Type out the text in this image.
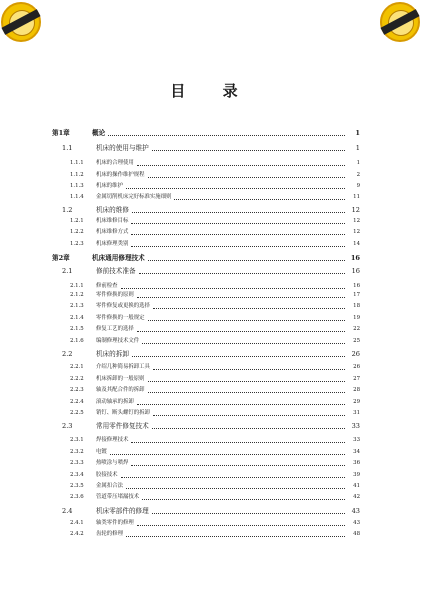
目 录
第1章	概论	1
1.1	机床的使用与维护	1
1.1.1	机床的合理使用	1
1.1.2	机床的操作维护规程	2
1.1.3	机床的维护	9
1.1.4	金属切削机床完好标准实施细则	11
1.2	机床的维修	12
1.2.1	机床维修目标	12
1.2.2	机床维修方式	12
1.2.3	机床修理类别	14
第2章	机床通用修理技术	16
2.1	修前技术准备	16
2.1.1	修前检查	16
2.1.2	零件修换的原则	17
2.1.3	零件修复或更换的选择	18
2.1.4	零件修换的一般规定	19
2.1.5	修复工艺的选择	22
2.1.6	编制修理技术文件	25
2.2	机床的拆卸	26
2.2.1	介绍几种简易拆卸工具	26
2.2.2	机床拆卸的一般原则	27
2.2.3	轴及其配合件的拆卸	28
2.2.4	滚动轴承的拆卸	29
2.2.5	销钉、断头螺钉的拆卸	31
2.3	常用零件修复技术	33
2.3.1	焊接修理技术	33
2.3.2	电镀	34
2.3.3	热喷涂与喷焊	36
2.3.4	胶接技术	39
2.3.5	金属扣合法	41
2.3.6	管道带压堵漏技术	42
2.4	机床零部件的修理	43
2.4.1	轴类零件的修理	43
2.4.2	齿轮的修理	48
